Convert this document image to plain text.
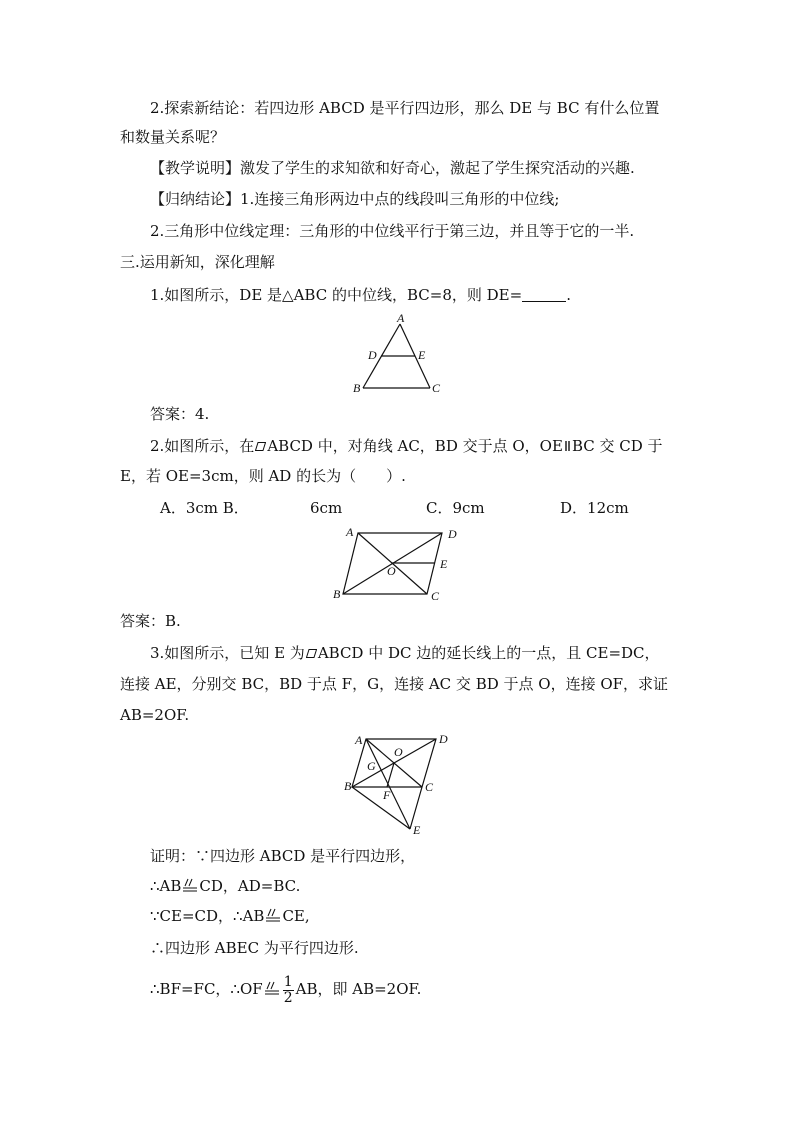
2.探索新结论：若四边形 ABCD 是平行四边形，那么 DE 与 BC 有什么位置
和数量关系呢？
【教学说明】激发了学生的求知欲和好奇心，激起了学生探究活动的兴趣.
【归纳结论】1.连接三角形两边中点的线段叫三角形的中位线;
2.三角形中位线定理：三角形的中位线平行于第三边，并且等于它的一半.
三.运用新知，深化理解
1.如图所示，DE 是△ABC 的中位线，BC=8，则 DE=	.
A
D	E
B	C
答案：4.
2.如图所示，在 ABCD 中，对角线 AC，BD 交于点 O，OE BC 交 CD 于
E，若 OE=3cm，则 AD 的长为（　　）.
A．3cm B．	6cm	C．9cm	D．12cm
A	D
O	E
B	C
答案：B.
3.如图所示，已知 E 为 ABCD 中 DC 边的延长线上的一点，且 CE=DC，
连接 AE，分别交 BC，BD 于点 F，G，连接 AC 交 BD 于点 O，连接 OF，求证
AB=2OF.
A	D
O
G
B	C
F
E
证明：∵四边形 ABCD 是平行四边形，
∴AB CD，AD=BC.
∵CE=CD，∴AB CE,
∴四边形 ABEC 为平行四边形.
∴BF=FC，∴OF $\frac{1}{2}$ AB，即 AB=2OF.
